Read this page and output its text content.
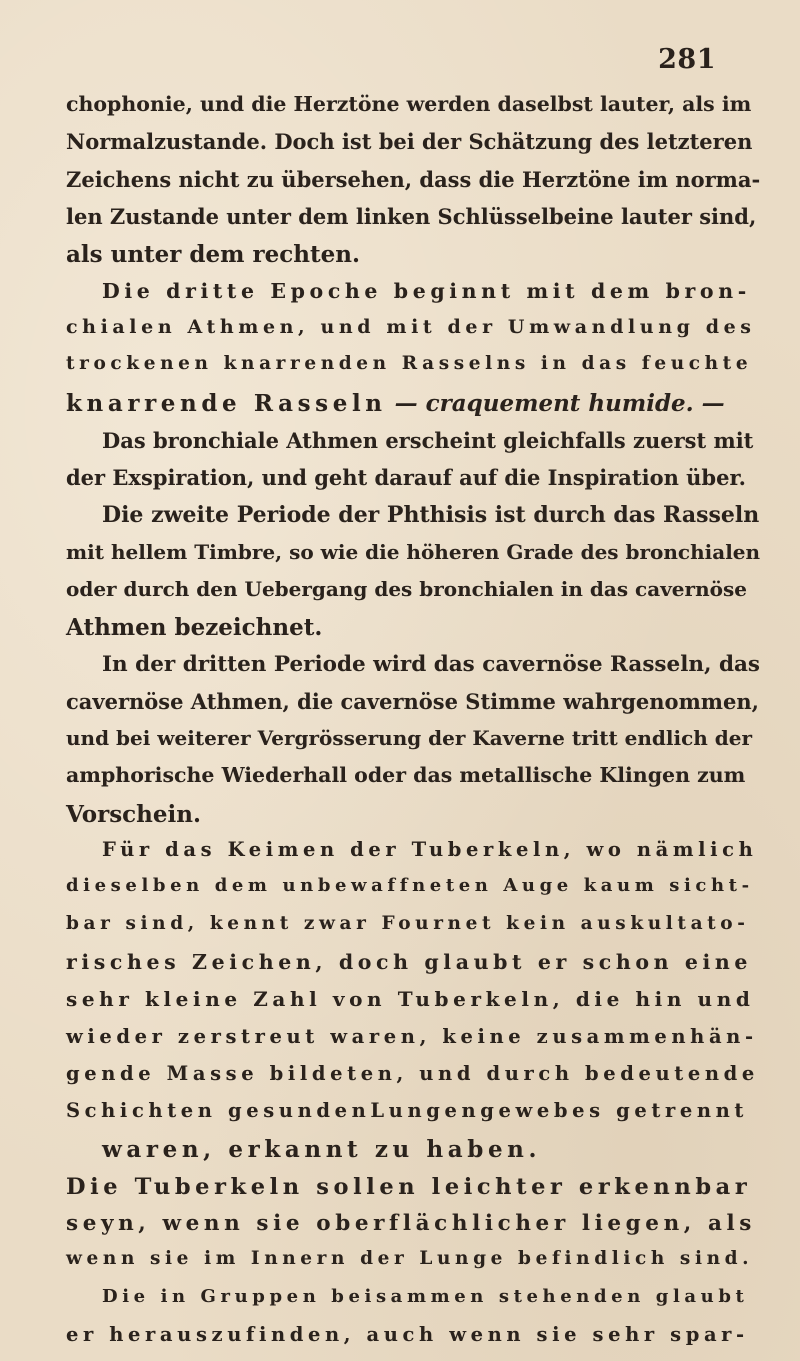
281
chophonie, und die Herztöne werden daselbst lauter, als im
Normalzustande. Doch ist bei der Schätzung des letzteren
Zeichens nicht zu übersehen, dass die Herztöne im norma-
len Zustande unter dem linken Schlüsselbeine lauter sind,
als unter dem rechten.
Die dritte Epoche beginnt mit dem bron-
chialen Athmen, und mit der Umwandlung des
trockenen knarrenden Rasselns in das feuchte
knarrende Rasseln — craquement humide. —
Das bronchiale Athmen erscheint gleichfalls zuerst mit
der Exspiration, und geht darauf auf die Inspiration über.
Die zweite Periode der Phthisis ist durch das Rasseln
mit hellem Timbre, so wie die höheren Grade des bronchialen
oder durch den Uebergang des bronchialen in das cavernöse
Athmen bezeichnet.
In der dritten Periode wird das cavernöse Rasseln, das
cavernöse Athmen, die cavernöse Stimme wahrgenommen,
und bei weiterer Vergrösserung der Kaverne tritt endlich der
amphorische Wiederhall oder das metallische Klingen zum
Vorschein.
Für das Keimen der Tuberkeln, wo nämlich
dieselben dem unbewaffneten Auge kaum sicht-
bar sind, kennt zwar Fournet kein auskultato-
risches Zeichen, doch glaubt er schon eine
sehr kleine Zahl von Tuberkeln, die hin und
wieder zerstreut waren, keine zusammenhän-
gende Masse bildeten, und durch bedeutende
Schichten gesundenLungengewebes getrennt
waren, erkannt zu haben.
Die Tuberkeln sollen leichter erkennbar
seyn, wenn sie oberflächlicher liegen, als
wenn sie im Innern der Lunge befindlich sind.
Die in Gruppen beisammen stehenden glaubt
er herauszufinden, auch wenn sie sehr spar-
